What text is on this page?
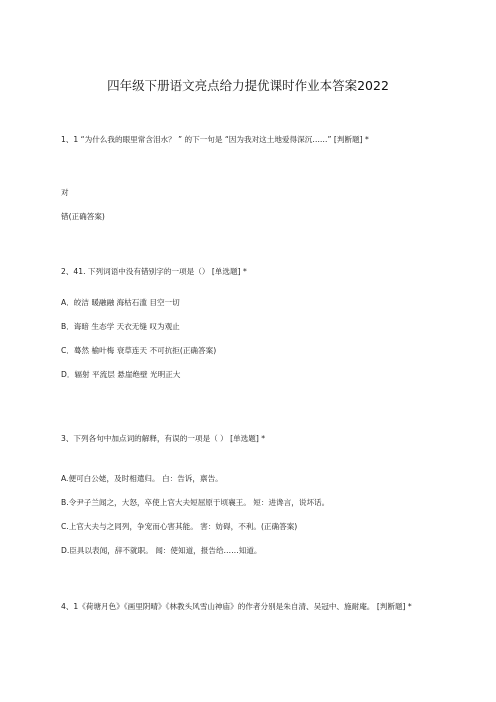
四年级下册语文亮点给力提优课时作业本答案2022
1、1 “为什么我的眼里常含泪水？ ” 的下一句是 “因为我对这土地爱得深沉……” [判断题] *
对
错(正确答案)
2、41. 下列词语中没有错别字的一项是（） [单选题] *
A．皎洁 暖融融 海枯石滥 目空一切
B．诲暗 生态学 天衣无缝 叹为观止
C．蓦然 榆叶梅 衰草连天 不可抗拒(正确答案)
D．辐射 平流层 悬崖绝壁 光明正大
3、下列各句中加点词的解释，有误的一项是（ ） [单选题] *
A.便可白公姥，及时相遣归。 白：告诉，禀告。
B.令尹子兰闻之，大怒，卒使上官大夫短屈原于顷襄王。 短：进谗言，说坏话。
C.上官大夫与之同列，争宠而心害其能。 害：妨碍，不利。(正确答案)
D.臣具以表闻，辞不就职。 闻：使知道，报告给……知道。
4、1《荷塘月色》《画里阴晴》《林教头风雪山神庙》的作者分别是朱自清、吴冠中、施耐庵。 [判断题] *
